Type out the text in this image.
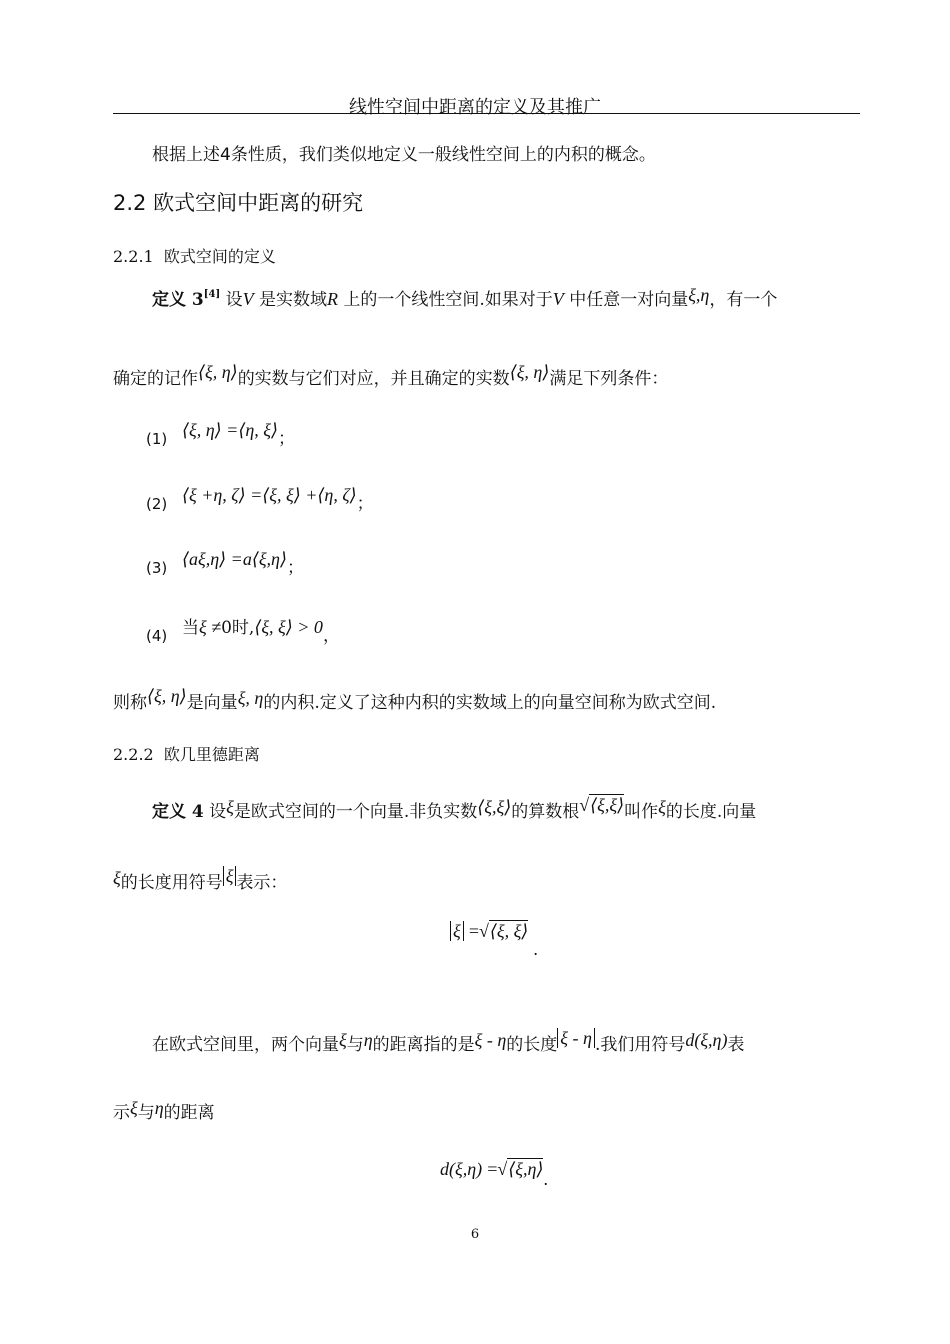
线性空间中距离的定义及其推广
根据上述4条性质，我们类似地定义一般线性空间上的内积的概念。
2.2 欧式空间中距离的研究
2.2.1 欧式空间的定义
定义 3[4] 设V 是实数域R 上的一个线性空间.如果对于V 中任意一对向量ξ,η，有一个
确定的记作⟨ξ, η⟩的实数与它们对应，并且确定的实数⟨ξ, η⟩满足下列条件：
(1) ⟨ξ, η⟩ =⟨η, ξ⟩；
(2) ⟨ξ +η, ζ⟩ =⟨ξ, ξ⟩ +⟨η, ζ⟩；
(3) ⟨aξ,η⟩ =a⟨ξ,η⟩；
(4) 当ξ ≠0时,⟨ξ, ξ⟩ > 0，
则称⟨ξ, η⟩是向量ξ, η的内积.定义了这种内积的实数域上的向量空间称为欧式空间.
2.2.2 欧几里德距离
定义 4 设ξ是欧式空间的一个向量.非负实数⟨ξ,ξ⟩的算数根√⟨ξ,ξ⟩叫作ξ的长度.向量
ξ的长度用符号 ξ 表示：
ξ =√⟨ξ, ξ⟩ .
在欧式空间里，两个向量ξ与η的距离指的是ξ - η的长度 ξ - η .我们用符号d(ξ,η)表
示ξ与η的距离
d(ξ,η) =√⟨ξ,η⟩.
6
